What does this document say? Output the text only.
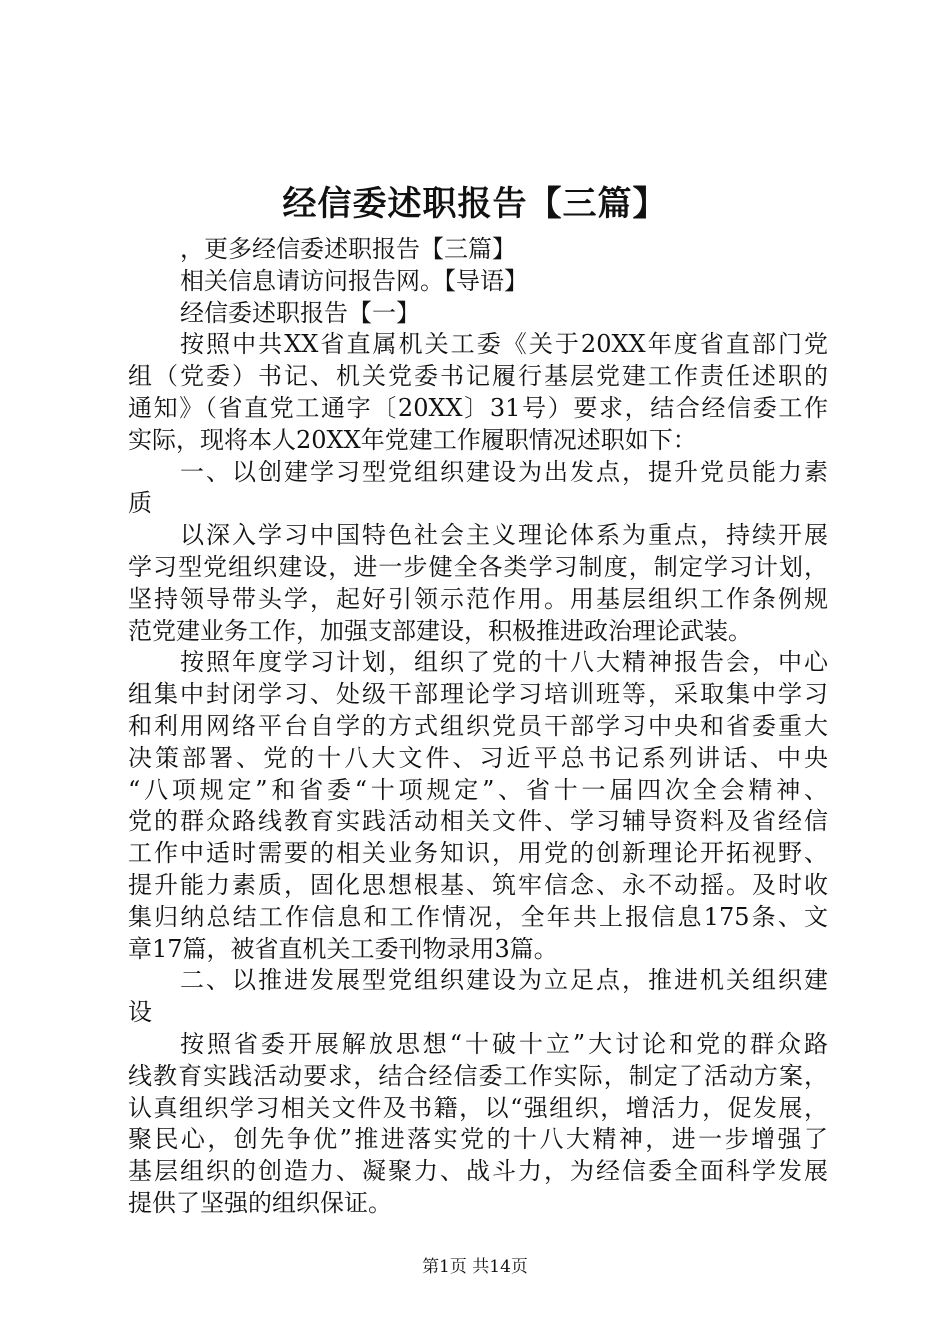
经信委述职报告【三篇】
，更多经信委述职报告【三篇】
相关信息请访问报告网。【导语】
经信委述职报告【一】
按照中共XX省直属机关工委《关于20XX年度省直部门党
组（党委）书记、机关党委书记履行基层党建工作责任述职的
通知》（省直党工通字〔20XX〕31号）要求，结合经信委工作
实际，现将本人20XX年党建工作履职情况述职如下：
一、以创建学习型党组织建设为出发点，提升党员能力素
质
以深入学习中国特色社会主义理论体系为重点，持续开展
学习型党组织建设，进一步健全各类学习制度，制定学习计划，
坚持领导带头学，起好引领示范作用。用基层组织工作条例规
范党建业务工作，加强支部建设，积极推进政治理论武装。
按照年度学习计划，组织了党的十八大精神报告会，中心
组集中封闭学习、处级干部理论学习培训班等，采取集中学习
和利用网络平台自学的方式组织党员干部学习中央和省委重大
决策部署、党的十八大文件、习近平总书记系列讲话、中央
“八项规定”和省委“十项规定”、省十一届四次全会精神、
党的群众路线教育实践活动相关文件、学习辅导资料及省经信
工作中适时需要的相关业务知识，用党的创新理论开拓视野、
提升能力素质，固化思想根基、筑牢信念、永不动摇。及时收
集归纳总结工作信息和工作情况，全年共上报信息175条、文
章17篇，被省直机关工委刊物录用3篇。
二、以推进发展型党组织建设为立足点，推进机关组织建
设
按照省委开展解放思想“十破十立”大讨论和党的群众路
线教育实践活动要求，结合经信委工作实际，制定了活动方案，
认真组织学习相关文件及书籍，以“强组织，增活力，促发展，
聚民心，创先争优”推进落实党的十八大精神，进一步增强了
基层组织的创造力、凝聚力、战斗力，为经信委全面科学发展
提供了坚强的组织保证。
第1页 共14页
